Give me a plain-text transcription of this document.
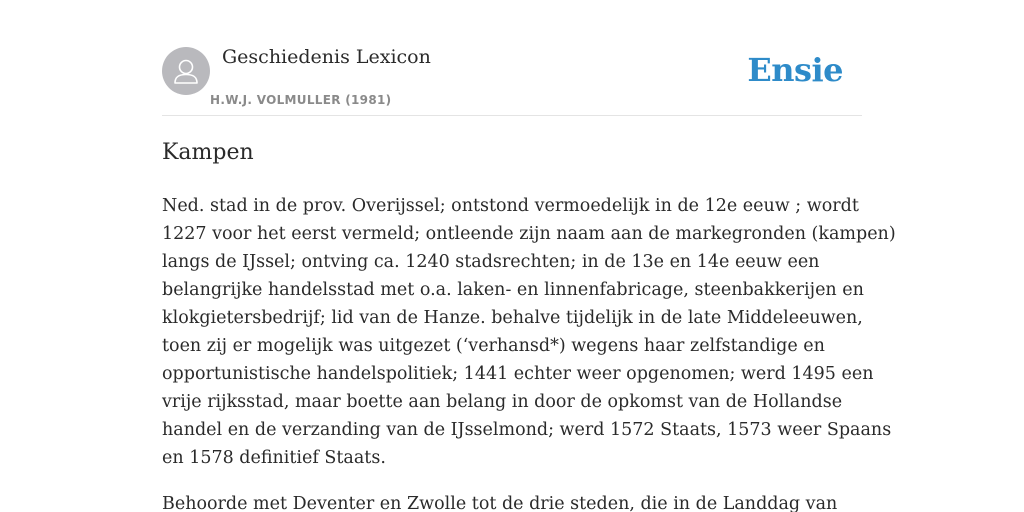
Geschiedenis Lexicon
H.W.J. VOLMULLER (1981)
Ensie
Kampen

Ned. stad in de prov. Overijssel; ontstond vermoedelijk in de 12e eeuw ; wordt
1227 voor het eerst vermeld; ontleende zijn naam aan de markegronden (kampen)
langs de IJssel; ontving ca. 1240 stadsrechten; in de 13e en 14e eeuw een
belangrijke handelsstad met o.a. laken- en linnenfabricage, steenbakkerijen en
klokgietersbedrijf; lid van de Hanze. behalve tijdelijk in de late Middeleeuwen,
toen zij er mogelijk was uitgezet (‘verhansd*) wegens haar zelfstandige en
opportunistische handelspolitiek; 1441 echter weer opgenomen; werd 1495 een
vrije rijksstad, maar boette aan belang in door de opkomst van de Hollandse
handel en de verzanding van de IJsselmond; werd 1572 Staats, 1573 weer Spaans
en 1578 definitief Staats.

Behoorde met Deventer en Zwolle tot de drie steden, die in de Landdag van
